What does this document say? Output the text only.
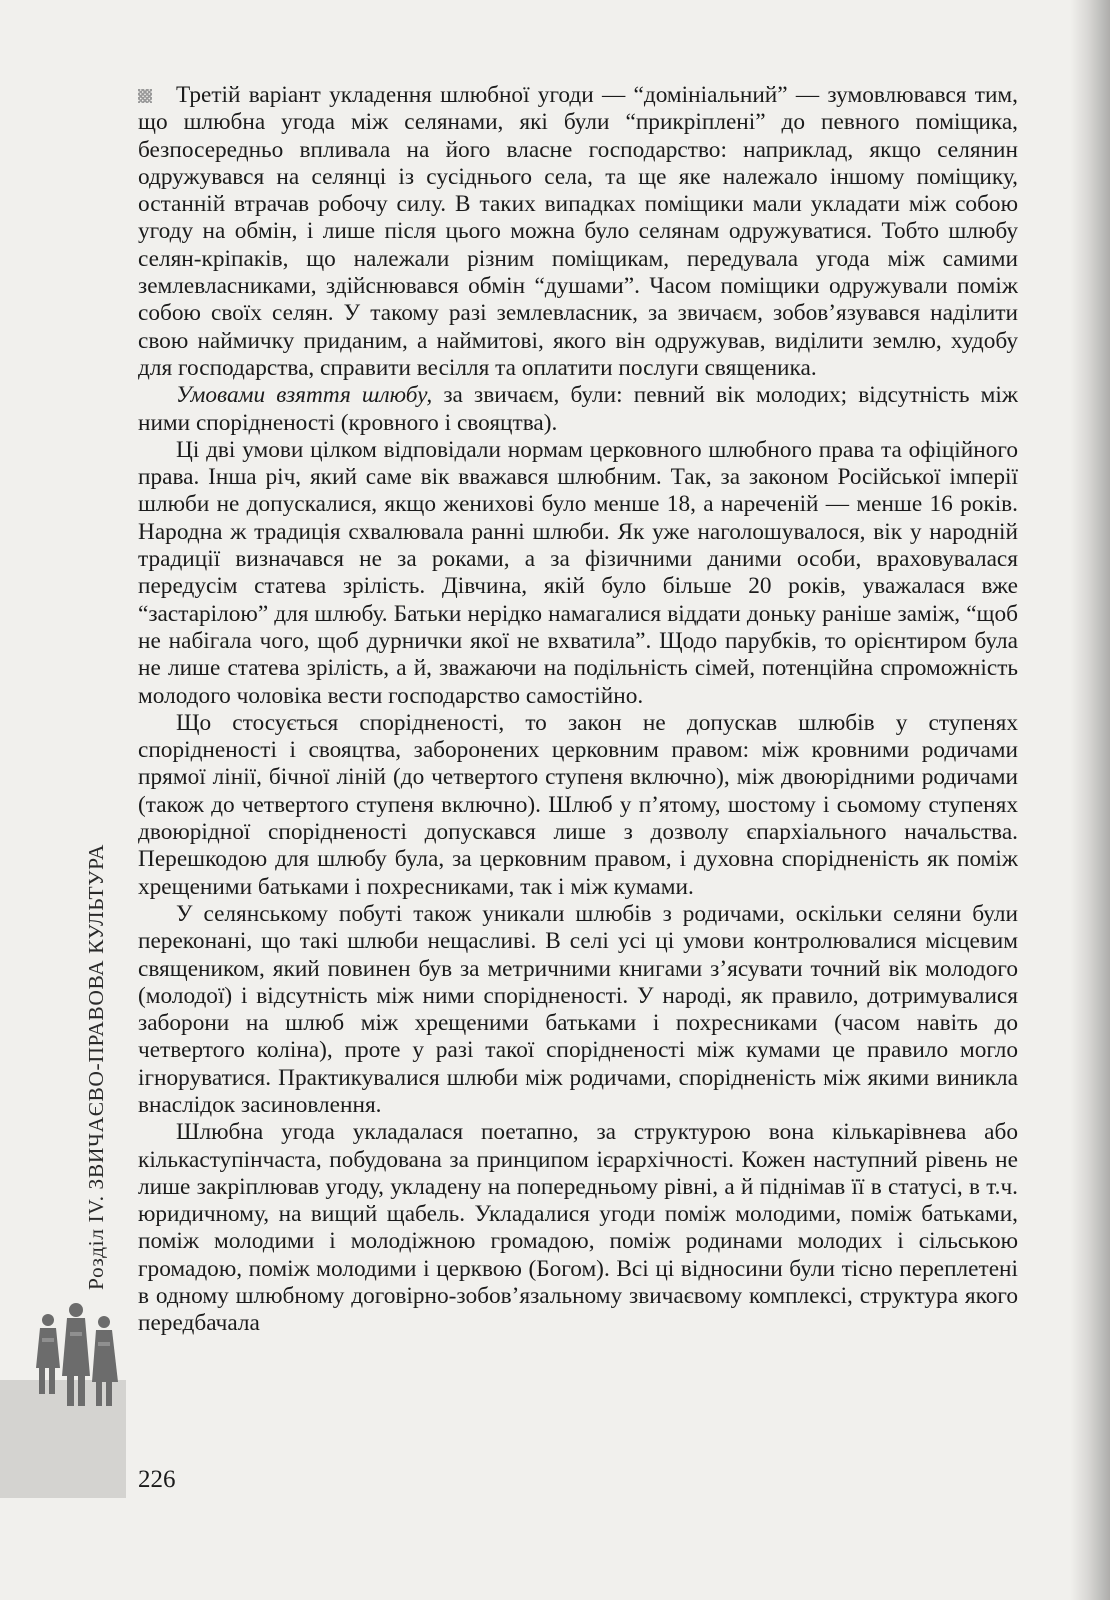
Третій варіант укладення шлюбної угоди — “домініальний” — зумовлювався тим, що шлюбна угода між селянами, які були “прикріплені” до певного поміщика, безпосередньо впливала на його власне господарство: наприклад, якщо селянин одружувався на селянці із сусіднього села, та ще яке належало іншому поміщику, останній втрачав робочу силу. В таких випадках поміщики мали укладати між собою угоду на обмін, і лише після цього можна було селянам одружуватися. Тобто шлюбу селян-кріпаків, що належали різним поміщикам, передувала угода між самими землевласниками, здійснювався обмін “душами”. Часом поміщики одружували поміж собою своїх селян. У такому разі землевласник, за звичаєм, зобов’язувався наділити свою наймичку приданим, а наймитові, якого він одружував, виділити землю, худобу для господарства, справити весілля та оплатити послуги священика.

Умовами взяття шлюбу, за звичаєм, були: певний вік молодих; відсутність між ними спорідненості (кровного і свояцтва).

Ці дві умови цілком відповідали нормам церковного шлюбного права та офіційного права. Інша річ, який саме вік вважався шлюбним. Так, за законом Російської імперії шлюби не допускалися, якщо женихові було менше 18, а нареченій — менше 16 років. Народна ж традиція схвалювала ранні шлюби. Як уже наголошувалося, вік у народній традиції визначався не за роками, а за фізичними даними особи, враховувалася передусім статева зрілість. Дівчина, якій було більше 20 років, уважалася вже “застарілою” для шлюбу. Батьки нерідко намагалися віддати доньку раніше заміж, “щоб не набігала чого, щоб дурнички якої не вхватила”. Щодо парубків, то орієнтиром була не лише статева зрілість, а й, зважаючи на подільність сімей, потенційна спроможність молодого чоловіка вести господарство самостійно.

Що стосується спорідненості, то закон не допускав шлюбів у ступенях спорідненості і свояцтва, заборонених церковним правом: між кровними родичами прямої лінії, бічної ліній (до четвертого ступеня включно), між двоюрідними родичами (також до четвертого ступеня включно). Шлюб у п’ятому, шостому і сьомому ступенях двоюрідної спорідненості допускався лише з дозволу єпархіального начальства. Перешкодою для шлюбу була, за церковним правом, і духовна спорідненість як поміж хрещеними батьками і похресниками, так і між кумами.

У селянському побуті також уникали шлюбів з родичами, оскільки селяни були переконані, що такі шлюби нещасливі. В селі усі ці умови контролювалися місцевим священиком, який повинен був за метричними книгами з’ясувати точний вік молодого (молодої) і відсутність між ними спорідненості. У народі, як правило, дотримувалися заборони на шлюб між хрещеними батьками і похресниками (часом навіть до четвертого коліна), проте у разі такої спорідненості між кумами це правило могло ігноруватися. Практикувалися шлюби між родичами, спорідненість між якими виникла внаслідок засиновлення.

Шлюбна угода укладалася поетапно, за структурою вона кількарівнева або кількаступінчаста, побудована за принципом ієрархічності. Кожен наступний рівень не лише закріплював угоду, укладену на попередньому рівні, а й піднімав її в статусі, в т.ч. юридичному, на вищий щабель. Укладалися угоди поміж молодими, поміж батьками, поміж молодими і молодіжною громадою, поміж родинами молодих і сільською громадою, поміж молодими і церквою (Богом). Всі ці відносини були тісно переплетені в одному шлюбному договірно-зобов’язальному звичаєвому комплексі, структура якого передбачала

Розділ IV. ЗВИЧАЄВО-ПРАВОВА КУЛЬТУРА
226
